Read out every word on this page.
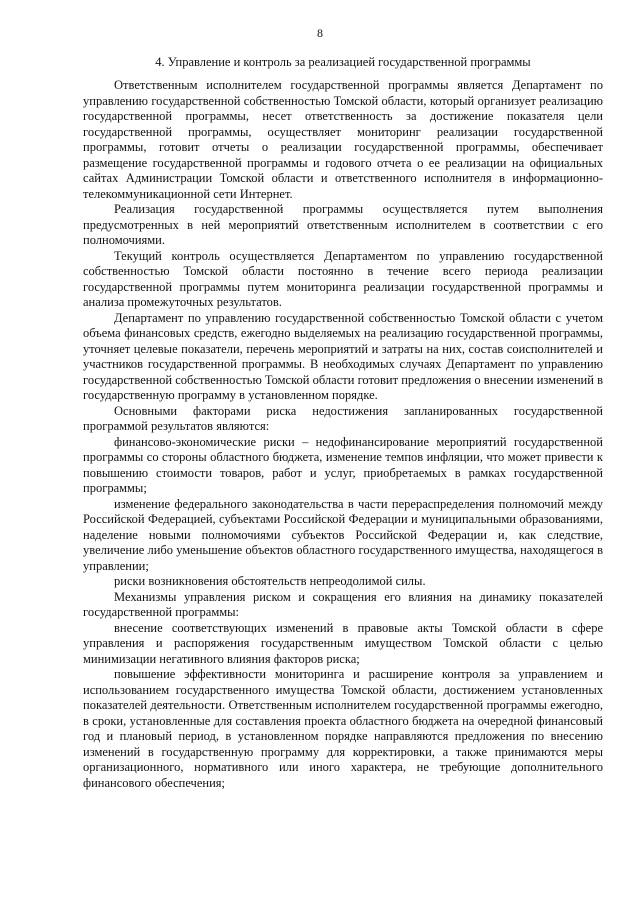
8
4. Управление и контроль за реализацией государственной программы

Ответственным исполнителем государственной программы является Департамент по управлению государственной собственностью Томской области, который организует реализацию государственной программы, несет ответственность за достижение показателя цели государственной программы, осуществляет мониторинг реализации государственной программы, готовит отчеты о реализации государственной программы, обеспечивает размещение государственной программы и годового отчета о ее реализации на официальных сайтах Администрации Томской области и ответственного исполнителя в информационно-телекоммуникационной сети Интернет.

Реализация государственной программы осуществляется путем выполнения предусмотренных в ней мероприятий ответственным исполнителем в соответствии с его полномочиями.

Текущий контроль осуществляется Департаментом по управлению государственной собственностью Томской области постоянно в течение всего периода реализации государственной программы путем мониторинга реализации государственной программы и анализа промежуточных результатов.

Департамент по управлению государственной собственностью Томской области с учетом объема финансовых средств, ежегодно выделяемых на реализацию государственной программы, уточняет целевые показатели, перечень мероприятий и затраты на них, состав соисполнителей и участников государственной программы. В необходимых случаях Департамент по управлению государственной собственностью Томской области готовит предложения о внесении изменений в государственную программу в установленном порядке.

Основными факторами риска недостижения запланированных государственной программой результатов являются:

финансово-экономические риски – недофинансирование мероприятий государственной программы со стороны областного бюджета, изменение темпов инфляции, что может привести к повышению стоимости товаров, работ и услуг, приобретаемых в рамках государственной программы;

изменение федерального законодательства в части перераспределения полномочий между Российской Федерацией, субъектами Российской Федерации и муниципальными образованиями, наделение новыми полномочиями субъектов Российской Федерации и, как следствие, увеличение либо уменьшение объектов областного государственного имущества, находящегося в управлении;

риски возникновения обстоятельств непреодолимой силы.

Механизмы управления риском и сокращения его влияния на динамику показателей государственной программы:

внесение соответствующих изменений в правовые акты Томской области в сфере управления и распоряжения государственным имуществом Томской области с целью минимизации негативного влияния факторов риска;

повышение эффективности мониторинга и расширение контроля за управлением и использованием государственного имущества Томской области, достижением установленных показателей деятельности. Ответственным исполнителем государственной программы ежегодно, в сроки, установленные для составления проекта областного бюджета на очередной финансовый год и плановый период, в установленном порядке направляются предложения по внесению изменений в государственную программу для корректировки, а также принимаются меры организационного, нормативного или иного характера, не требующие дополнительного финансового обеспечения;
